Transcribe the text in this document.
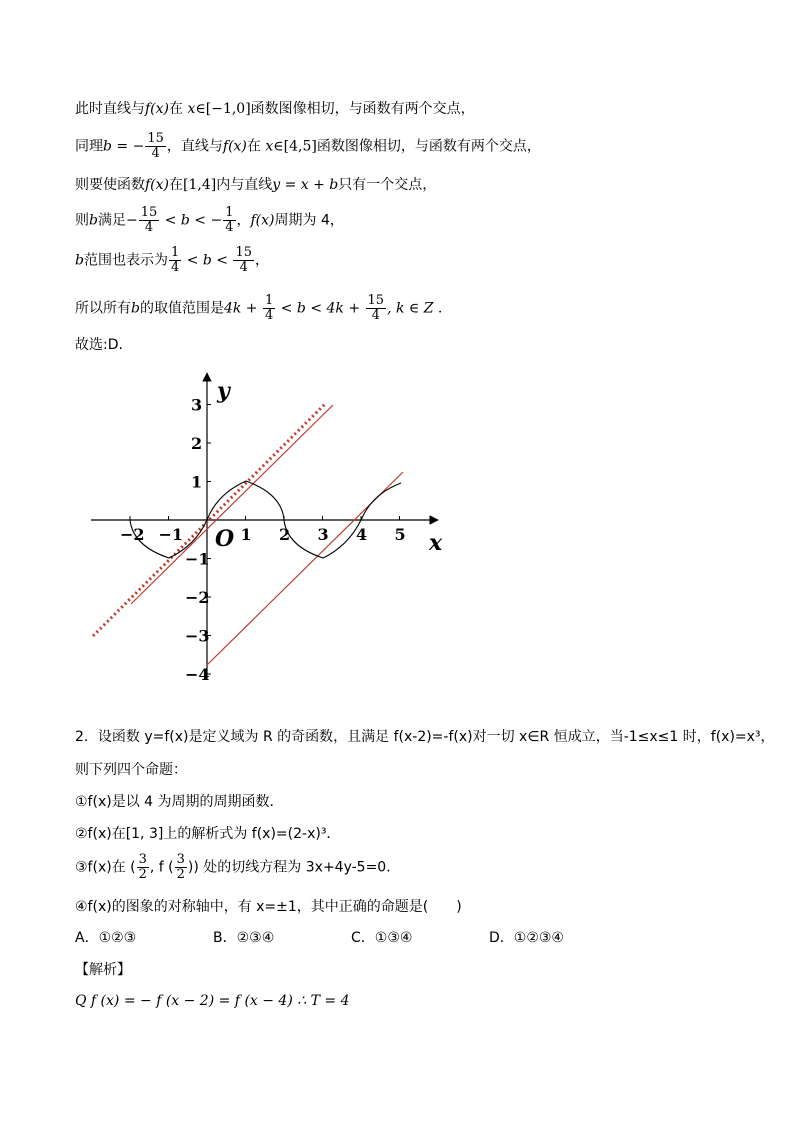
此时直线与f(x)在 x∈[−1,0]函数图像相切，与函数有两个交点，
同理b = − $\frac{15}{4}$ ，直线与f(x)在 x∈[4,5]函数图像相切，与函数有两个交点，
则要使函数f(x)在[1,4]内与直线y = x + b只有一个交点，
则b满足− $\frac{15}{4} < b$ < − $\frac{1}{4}$ ，f(x)周期为 4，
b范围也表示为 $\frac{1}{4} < b < \frac{15}{4}$ ，
所以所有b的取值范围是$4k + \frac{1}{4} < b < 4k + \frac{15}{4}$ , k ∈ Z .
故选:D.
−2 −1	1 2 3 4 5
3
2
1
−1
−2
−3
−4
x
y
O
2．设函数 y=f(x)是定义域为 R 的奇函数，且满足 f(x-2)=-f(x)对一切 x∈R 恒成立，当-1≤x≤1 时，f(x)=x³，
则下列四个命题：
①f(x)是以 4 为周期的周期函数．
②f(x)在[1, 3]上的解析式为 f(x)=(2-x)³．
③f(x)在 ( $\frac{3}{2}$ , f ( $\frac{3}{2}$ )) 处的切线方程为 3x+4y-5=0．
④f(x)的图象的对称轴中，有 x=±1，其中正确的命题是(　　)
A．①②③	B．②③④	C．①③④	D．①②③④
【解析】
Q f (x) = − f (x − 2) = f (x − 4) ∴ T = 4
